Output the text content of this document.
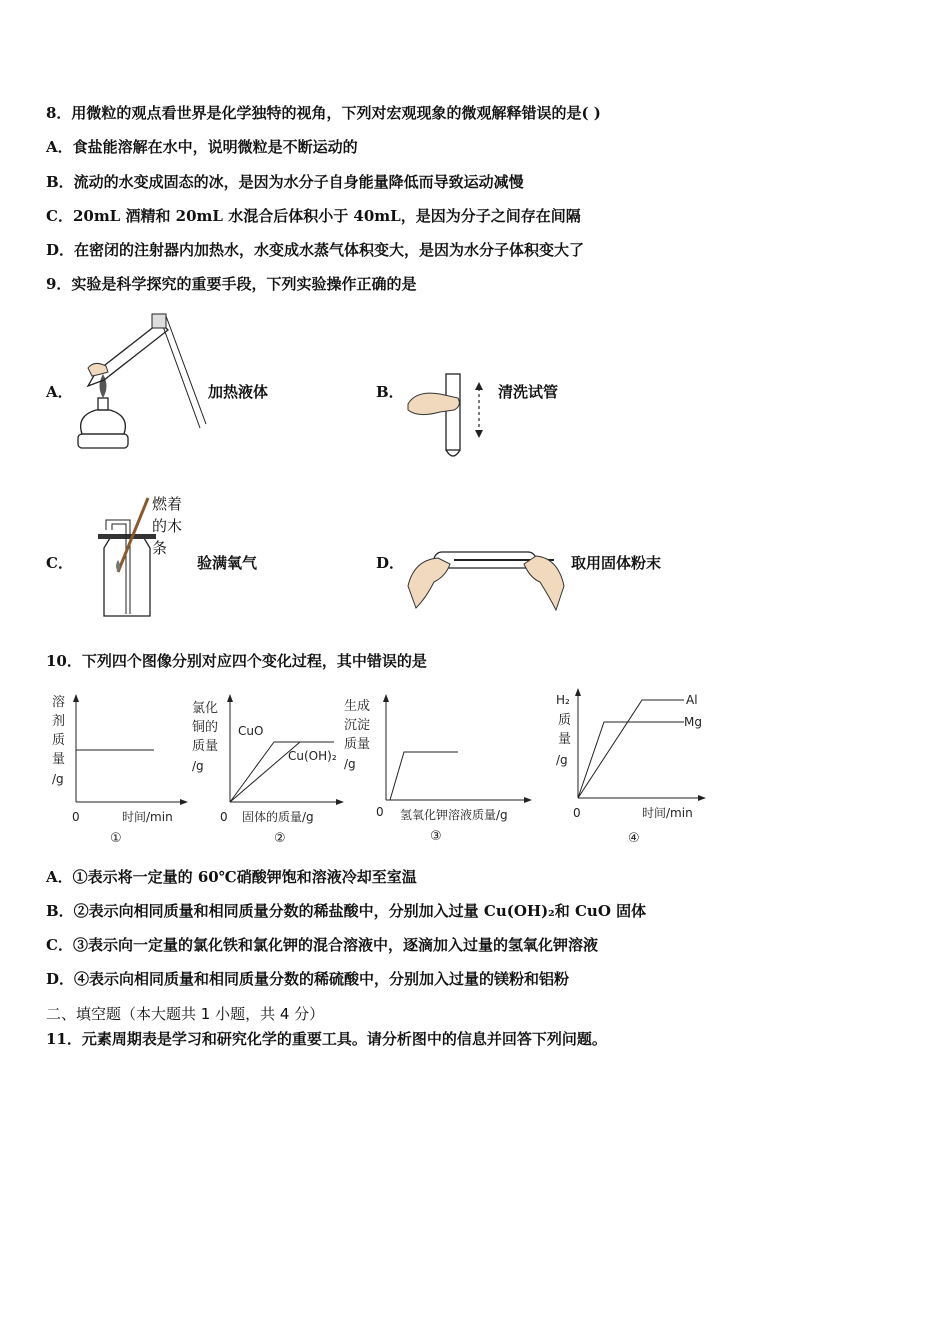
8．用微粒的观点看世界是化学独特的视角，下列对宏观现象的微观解释错误的是( )
A．食盐能溶解在水中，说明微粒是不断运动的
B．流动的水变成固态的冰，是因为水分子自身能量降低而导致运动减慢
C．20mL 酒精和 20mL 水混合后体积小于 40mL，是因为分子之间存在间隔
D．在密闭的注射器内加热水，水变成水蒸气体积变大，是因为水分子体积变大了
9．实验是科学探究的重要手段，下列实验操作正确的是
A．	加热液体	B．	清洗试管
C．
燃着
的木
条
验满氧气	D．	取用固体粉末
10．下列四个图像分别对应四个变化过程，其中错误的是
溶
剂
质
量
/g
0	时间/min
①
氯化
铜的
质量
/g
CuO
Cu(OH)₂
0 固体的质量/g
②
生成
沉淀
质量
/g
0 氢氧化钾溶液质量/g
③
H₂
质
量
/g
Al
Mg
0	时间/min
④
A．①表示将一定量的 60℃硝酸钾饱和溶液冷却至室温
B．②表示向相同质量和相同质量分数的稀盐酸中，分别加入过量 Cu(OH)₂和 CuO 固体
C．③表示向一定量的氯化铁和氯化钾的混合溶液中，逐滴加入过量的氢氧化钾溶液
D．④表示向相同质量和相同质量分数的稀硫酸中，分别加入过量的镁粉和铝粉
二、填空题（本大题共 1 小题，共 4 分）
11．元素周期表是学习和研究化学的重要工具。请分析图中的信息并回答下列问题。
